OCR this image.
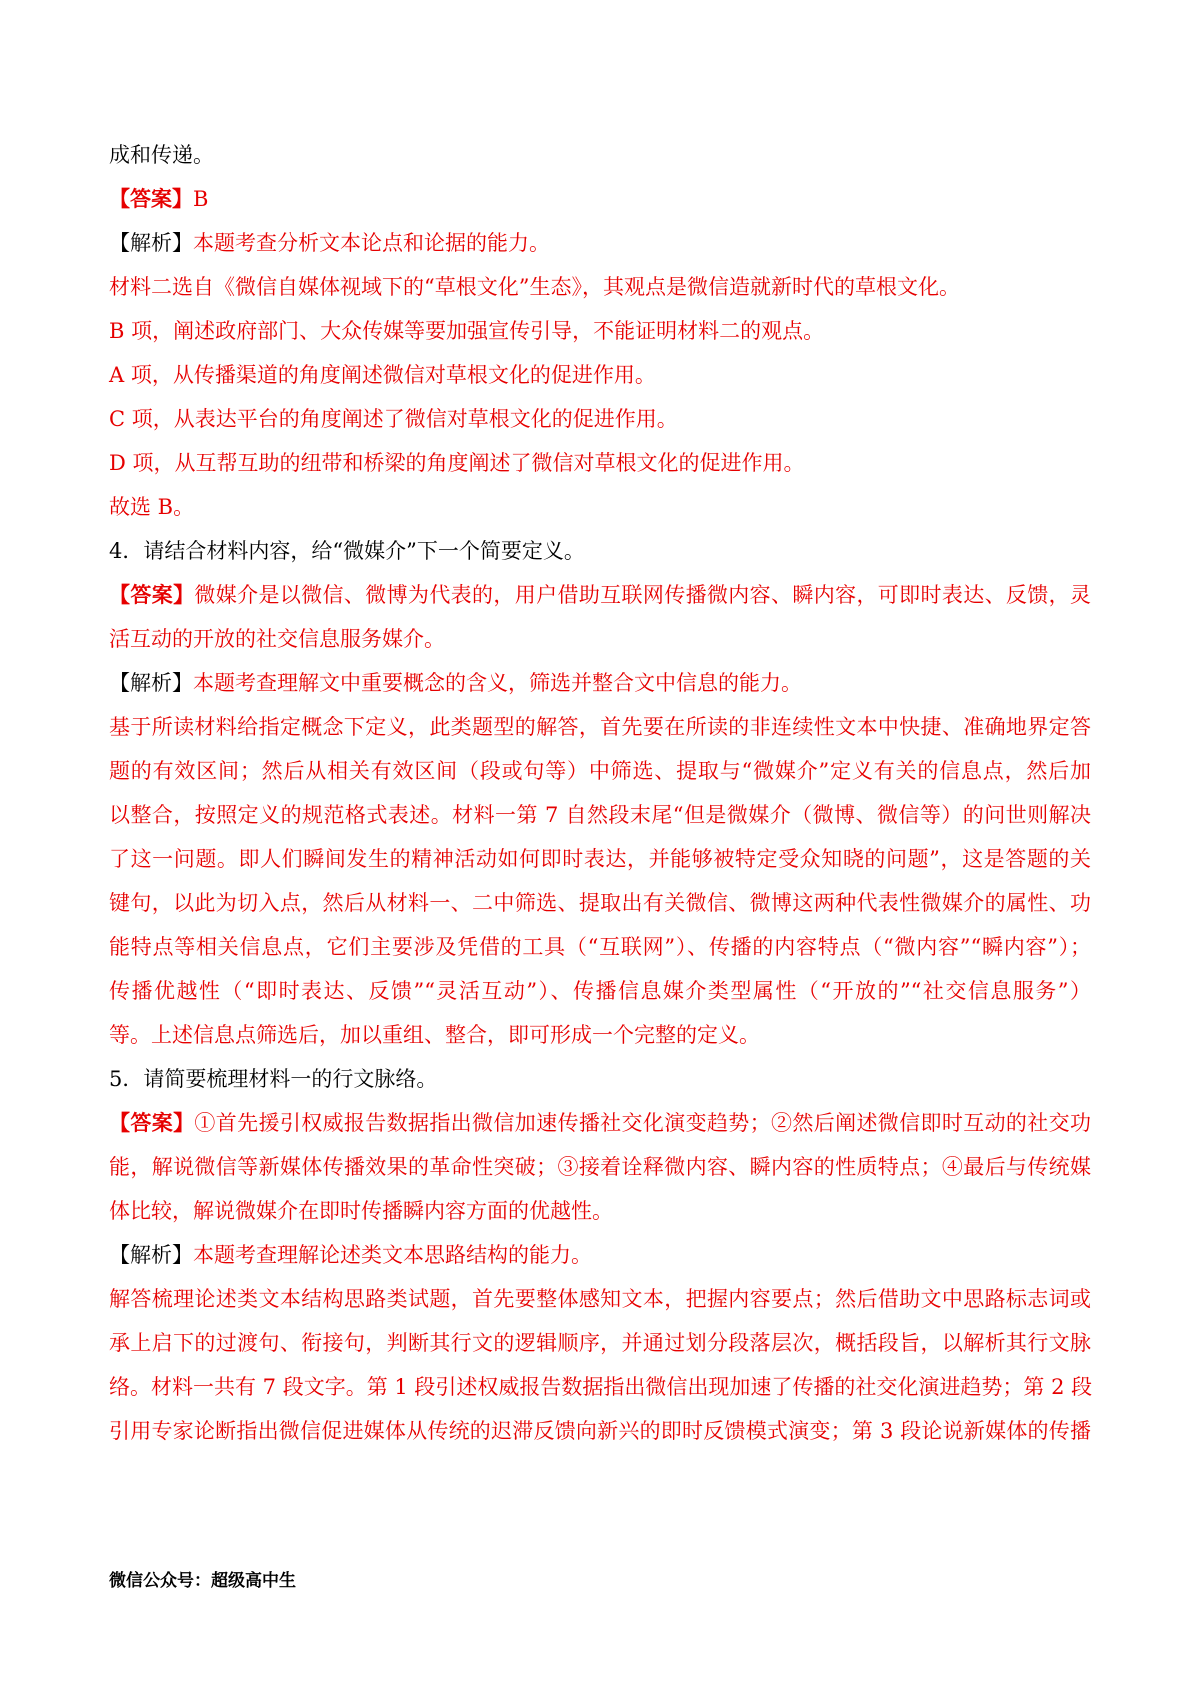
成和传递。
【答案】B
【解析】本题考查分析文本论点和论据的能力。
材料二选自《微信自媒体视域下的“草根文化”生态》，其观点是微信造就新时代的草根文化。
B 项，阐述政府部门、大众传媒等要加强宣传引导，不能证明材料二的观点。
A 项，从传播渠道的角度阐述微信对草根文化的促进作用。
C 项，从表达平台的角度阐述了微信对草根文化的促进作用。
D 项，从互帮互助的纽带和桥梁的角度阐述了微信对草根文化的促进作用。
故选 B。
4．请结合材料内容，给“微媒介”下一个简要定义。
【答案】微媒介是以微信、微博为代表的，用户借助互联网传播微内容、瞬内容，可即时表达、反馈，灵
活互动的开放的社交信息服务媒介。
【解析】本题考查理解文中重要概念的含义，筛选并整合文中信息的能力。
基于所读材料给指定概念下定义，此类题型的解答，首先要在所读的非连续性文本中快捷、准确地界定答
题的有效区间；然后从相关有效区间（段或句等）中筛选、提取与“微媒介”定义有关的信息点，然后加
以整合，按照定义的规范格式表述。材料一第 7 自然段末尾“但是微媒介（微博、微信等）的问世则解决
了这一问题。即人们瞬间发生的精神活动如何即时表达，并能够被特定受众知晓的问题”，这是答题的关
键句，以此为切入点，然后从材料一、二中筛选、提取出有关微信、微博这两种代表性微媒介的属性、功
能特点等相关信息点，它们主要涉及凭借的工具（“互联网”）、传播的内容特点（“微内容”“瞬内容”）；
传播优越性（“即时表达、反馈”“灵活互动”）、传播信息媒介类型属性（“开放的”“社交信息服务”）
等。上述信息点筛选后，加以重组、整合，即可形成一个完整的定义。
5．请简要梳理材料一的行文脉络。
【答案】①首先援引权威报告数据指出微信加速传播社交化演变趋势；②然后阐述微信即时互动的社交功
能，解说微信等新媒体传播效果的革命性突破；③接着诠释微内容、瞬内容的性质特点；④最后与传统媒
体比较，解说微媒介在即时传播瞬内容方面的优越性。
【解析】本题考查理解论述类文本思路结构的能力。
解答梳理论述类文本结构思路类试题，首先要整体感知文本，把握内容要点；然后借助文中思路标志词或
承上启下的过渡句、衔接句，判断其行文的逻辑顺序，并通过划分段落层次，概括段旨，以解析其行文脉
络。材料一共有 7 段文字。第 1 段引述权威报告数据指出微信出现加速了传播的社交化演进趋势；第 2 段
引用专家论断指出微信促进媒体从传统的迟滞反馈向新兴的即时反馈模式演变；第 3 段论说新媒体的传播
微信公众号：超级高中生
